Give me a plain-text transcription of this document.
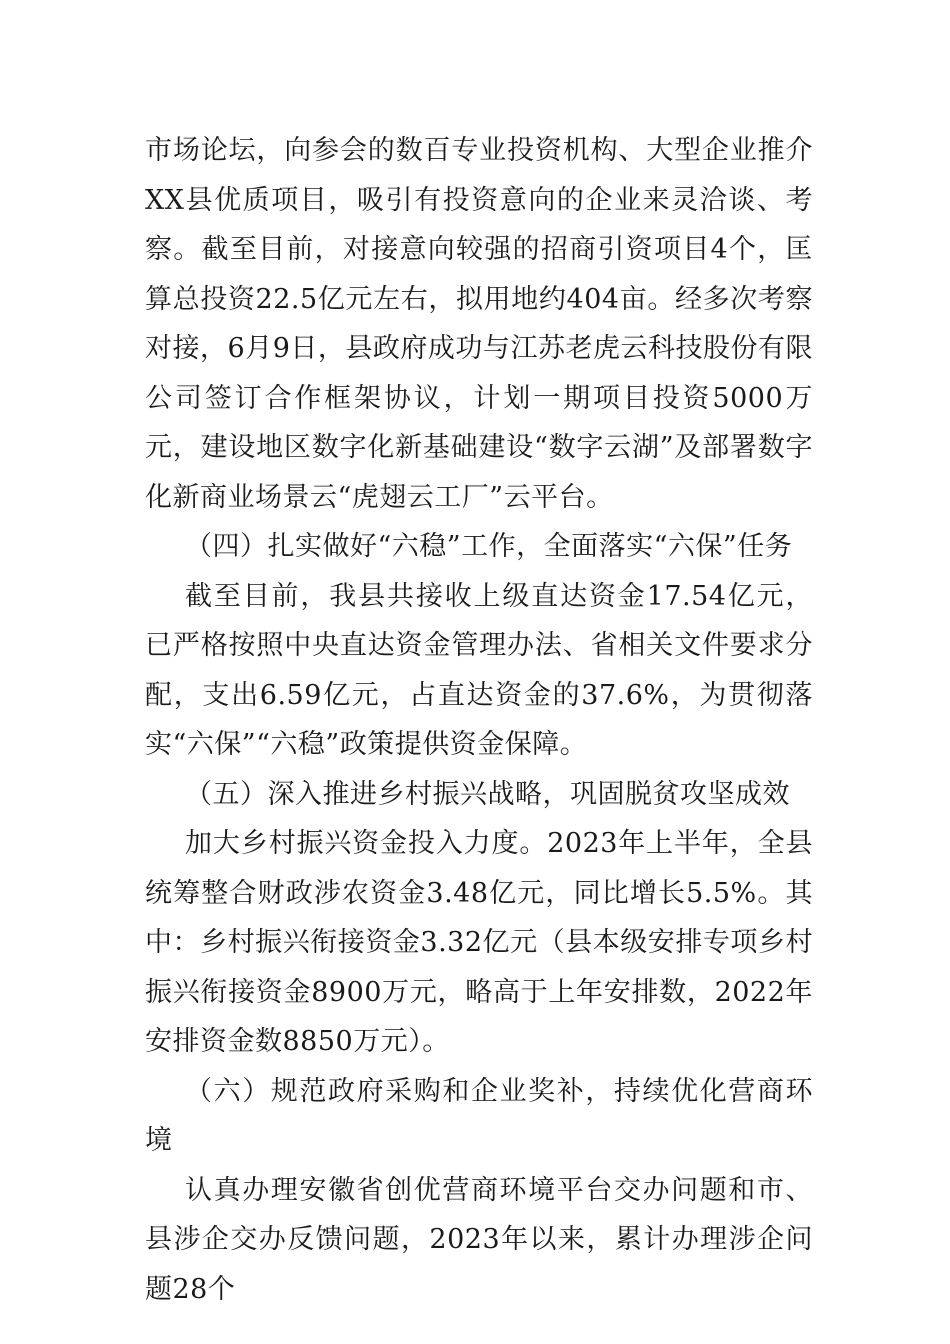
市场论坛，向参会的数百专业投资机构、大型企业推介XX县优质项目，吸引有投资意向的企业来灵洽谈、考察。截至目前，对接意向较强的招商引资项目4个，匡算总投资22.5亿元左右，拟用地约404亩。经多次考察对接，6月9日，县政府成功与江苏老虎云科技股份有限公司签订合作框架协议，计划一期项目投资5000万元，建设地区数字化新基础建设“数字云湖”及部署数字化新商业场景云“虎翅云工厂”云平台。

（四）扎实做好“六稳”工作，全面落实“六保”任务

截至目前，我县共接收上级直达资金17.54亿元，已严格按照中央直达资金管理办法、省相关文件要求分配，支出6.59亿元，占直达资金的37.6%，为贯彻落实“六保”“六稳”政策提供资金保障。

（五）深入推进乡村振兴战略，巩固脱贫攻坚成效

加大乡村振兴资金投入力度。2023年上半年，全县统筹整合财政涉农资金3.48亿元，同比增长5.5%。其中：乡村振兴衔接资金3.32亿元（县本级安排专项乡村振兴衔接资金8900万元，略高于上年安排数，2022年安排资金数8850万元）。

（六）规范政府采购和企业奖补，持续优化营商环境

认真办理安徽省创优营商环境平台交办问题和市、县涉企交办反馈问题，2023年以来，累计办理涉企问题28个
